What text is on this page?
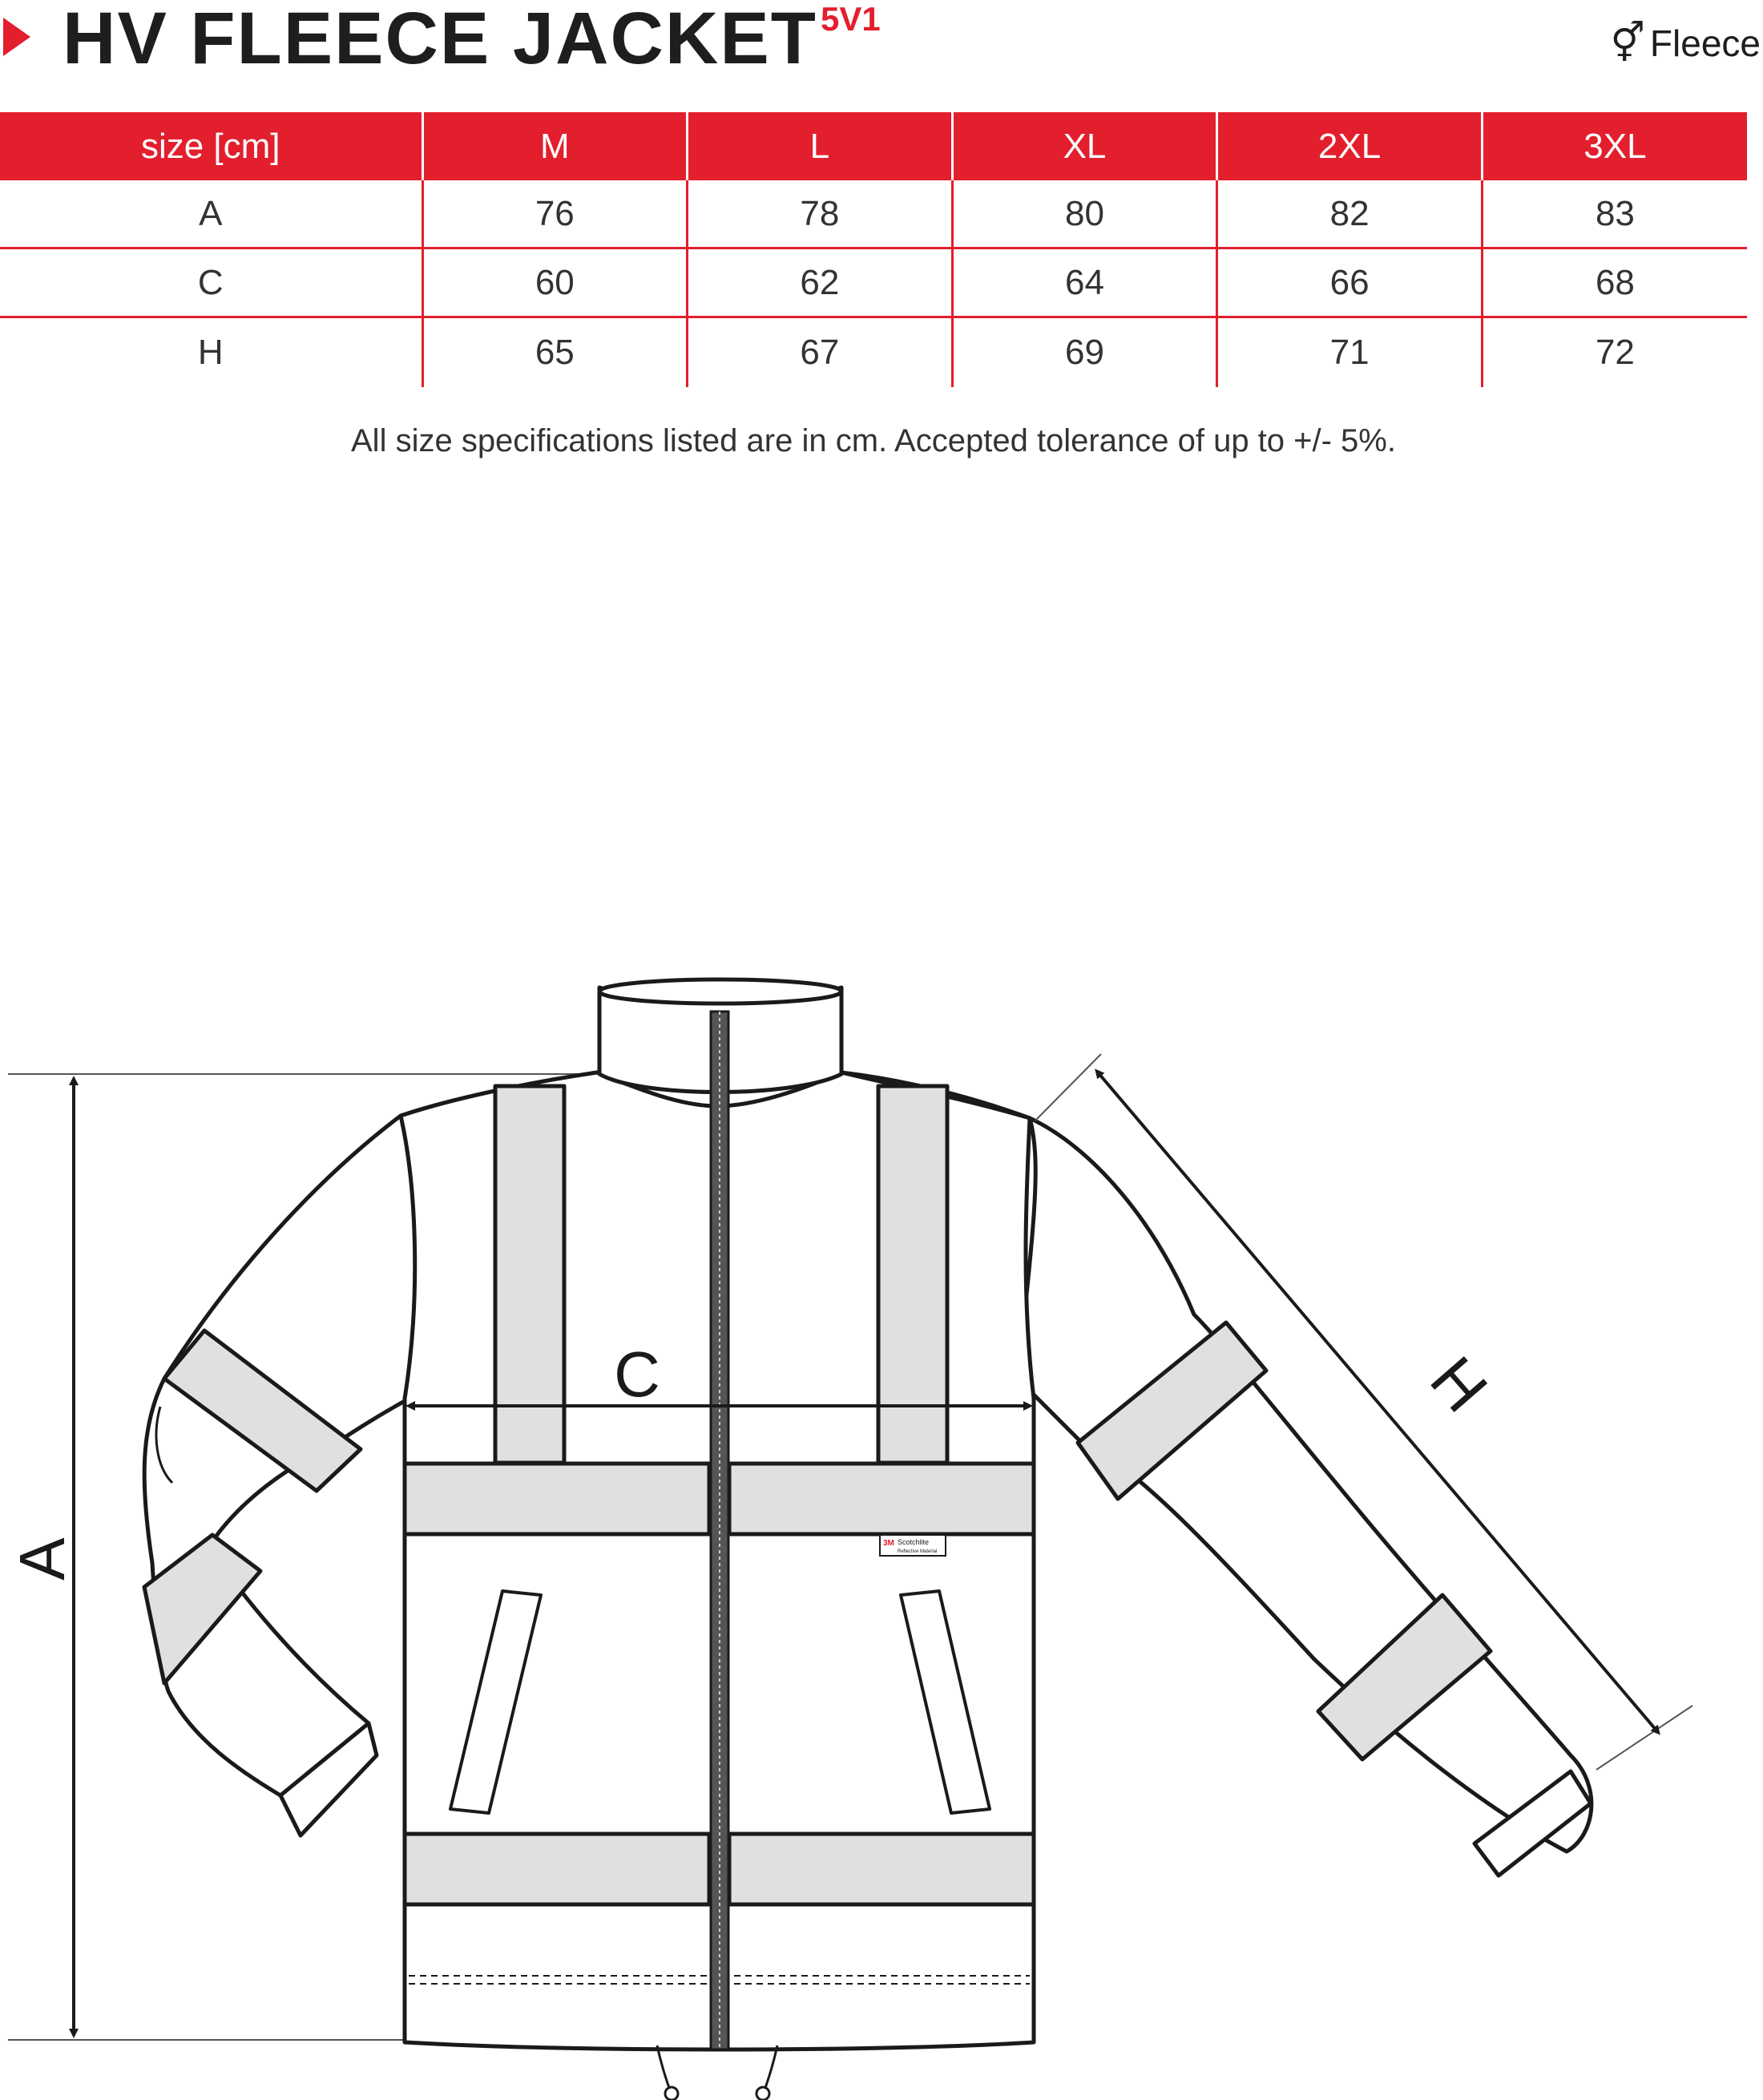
HV FLEECE JACKET 5V1
⚥ Fleece
size [cm]	M	L	XL	2XL	3XL
A	76	78	80	82	83
C	60	62	64	66	68
H	65	67	69	71	72
All size specifications listed are in cm. Accepted tolerance of up to +/- 5%.
A	3M Scotchlite
Reflective Material
C	H
